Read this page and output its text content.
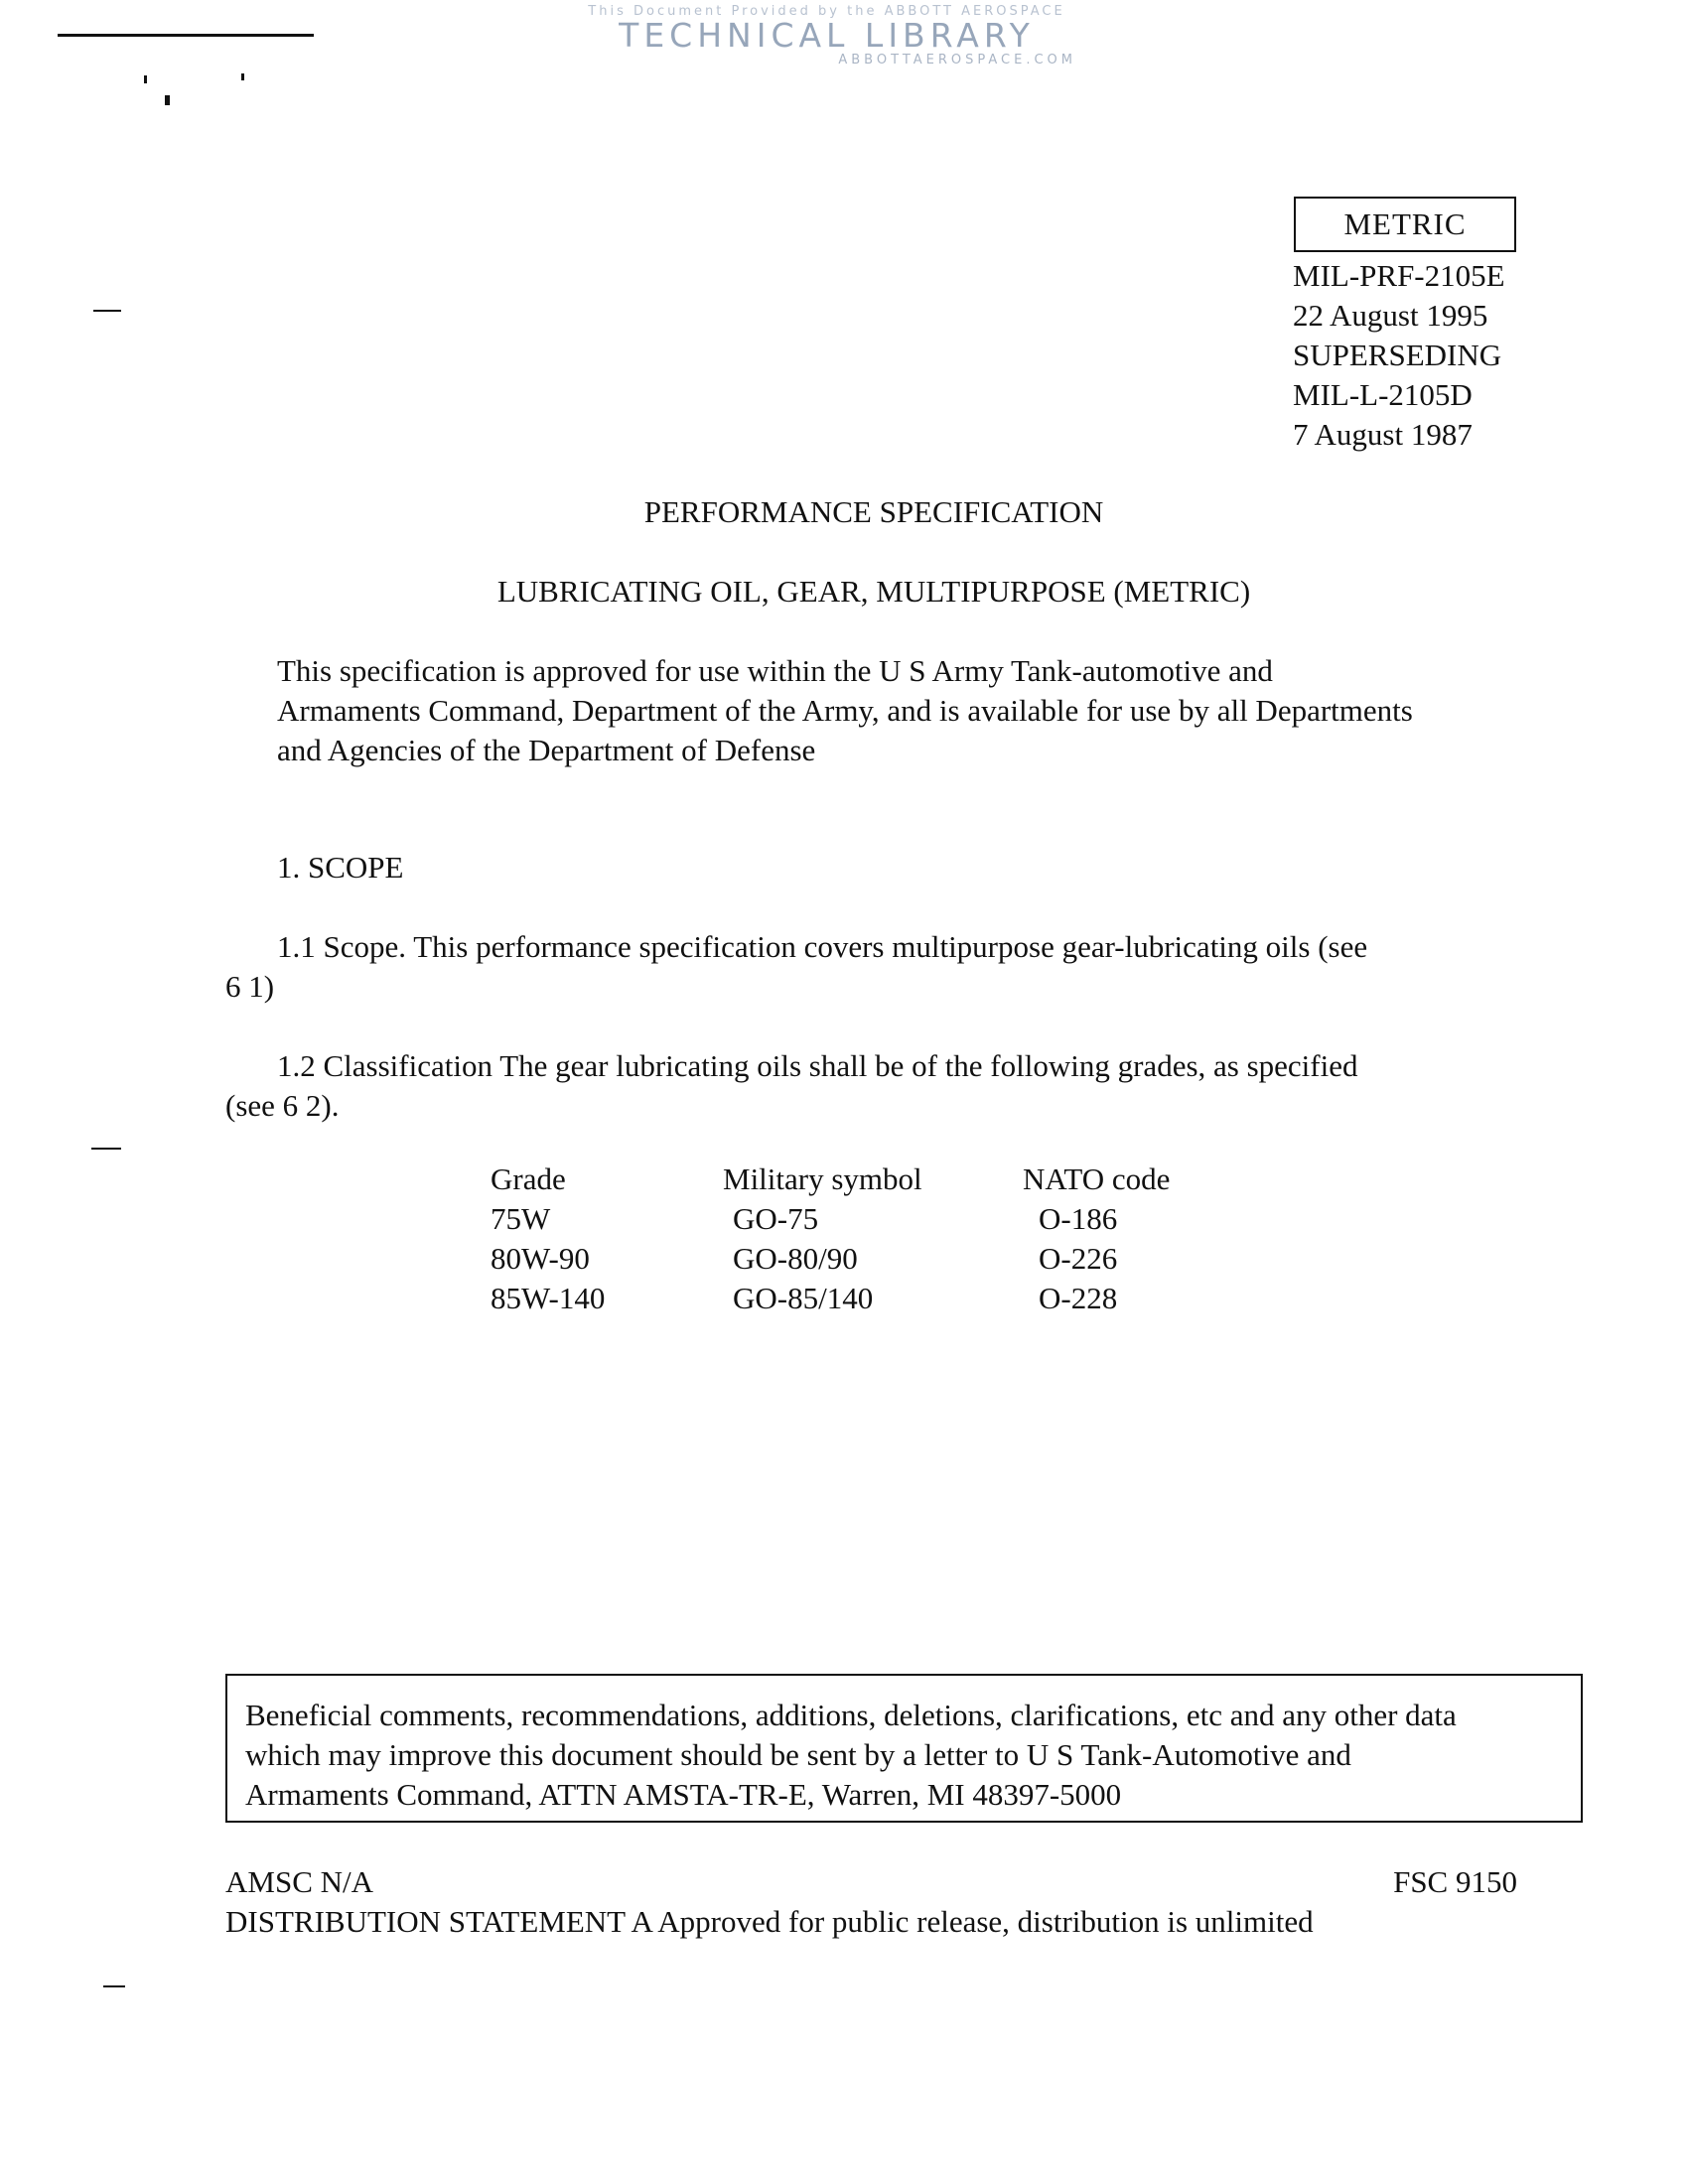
This Document Provided by the ABBOTT AEROSPACE
TECHNICAL LIBRARY
ABBOTTAEROSPACE.COM
METRIC
MIL-PRF-2105E
22 August 1995
SUPERSEDING
MIL-L-2105D
7 August 1987
PERFORMANCE SPECIFICATION
LUBRICATING OIL, GEAR, MULTIPURPOSE (METRIC)
This specification is approved for use within the U S Army Tank-automotive and
Armaments Command, Department of the Army, and is available for use by all Departments
and Agencies of the Department of Defense
1. SCOPE
1.1 Scope. This performance specification covers multipurpose gear-lubricating oils (see
6 1)
1.2 Classification The gear lubricating oils shall be of the following grades, as specified
(see 6 2).
Grade	Military symbol	NATO code
75W	GO-75	O-186
80W-90	GO-80/90	O-226
85W-140	GO-85/140	O-228
Beneficial comments, recommendations, additions, deletions, clarifications, etc and any other data
which may improve this document should be sent by a letter to U S Tank-Automotive and
Armaments Command, ATTN AMSTA-TR-E, Warren, MI 48397-5000
AMSC N/A
DISTRIBUTION STATEMENT A Approved for public release, distribution is unlimited
FSC 9150
